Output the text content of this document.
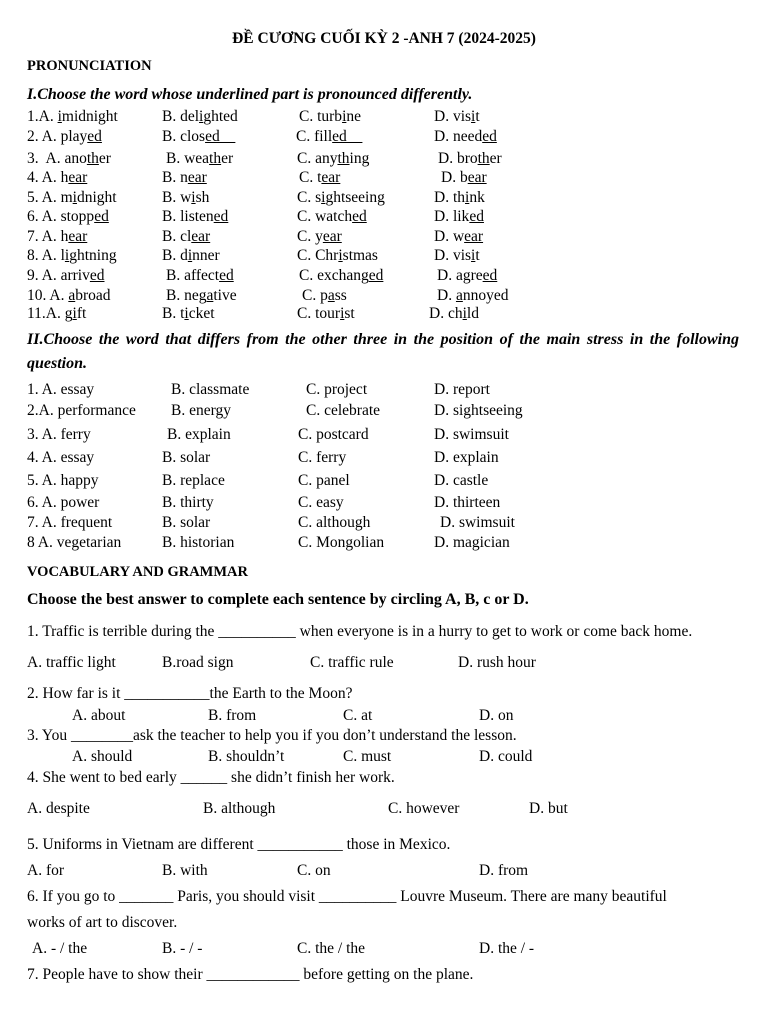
ĐỀ CƯƠNG CUỐI KỲ 2 -ANH 7 (2024-2025)
PRONUNCIATION
I.Choose the word whose underlined part is pronounced differently.
1.A. imidnight	B. delighted	C. turbine	D. visit
2. A. played	B. closed__	C. filled__	D. needed
3.  A. another	B. weather	C. anything	D. brother
4. A. hear	B. near	C. tear	D. bear
5. A. midnight	B. wish	C. sightseeing	D. think
6. A. stopped	B. listened	C. watched	D. liked
7. A. hear	B. clear	C. year	D. wear
8. A. lightning	B. dinner	C. Christmas	D. visit
9. A. arrived	B. affected	C. exchanged	D. agreed
10. A. abroad	B. negative	C. pass	D. annoyed
11.A. gift	B. ticket	C. tourist	D. child
II.Choose the word that differs from the other three in the position of the main stress in the following
question.
1. A. essay	B. classmate	C. project	D. report
2.A. performance B. energy	C. celebrate	D. sightseeing
3. A. ferry	B. explain	C. postcard	D. swimsuit
4. A. essay	B. solar	C. ferry	D. explain
5. A. happy	B. replace	C. panel	D. castle
6. A. power	B. thirty	C. easy	D. thirteen
7. A. frequent	B. solar	C. although	D. swimsuit
8 A. vegetarian	B. historian	C. Mongolian	D. magician
VOCABULARY AND GRAMMAR
Choose the best answer to complete each sentence by circling A, B, c or D.
1. Traffic is terrible during the __________ when everyone is in a hurry to get to work or come back home.
A. traffic light	B.road sign	C. traffic rule	D. rush hour
2. How far is it ___________the Earth to the Moon?
A. about	B. from	C. at	D. on
3. You ________ask the teacher to help you if you don’t understand the lesson.
A. should	B. shouldn’t	C. must	D. could
4. She went to bed early ______ she didn’t finish her work.
A. despite	B. although	C. however	D. but
5. Uniforms in Vietnam are different ___________ those in Mexico.
A. for	B. with	C. on	D. from
6. If you go to _______ Paris, you should visit __________ Louvre Museum. There are many beautiful
works of art to discover.
A. - / the	B. - / -	C. the / the	D. the / -
7. People have to show their ____________ before getting on the plane.
